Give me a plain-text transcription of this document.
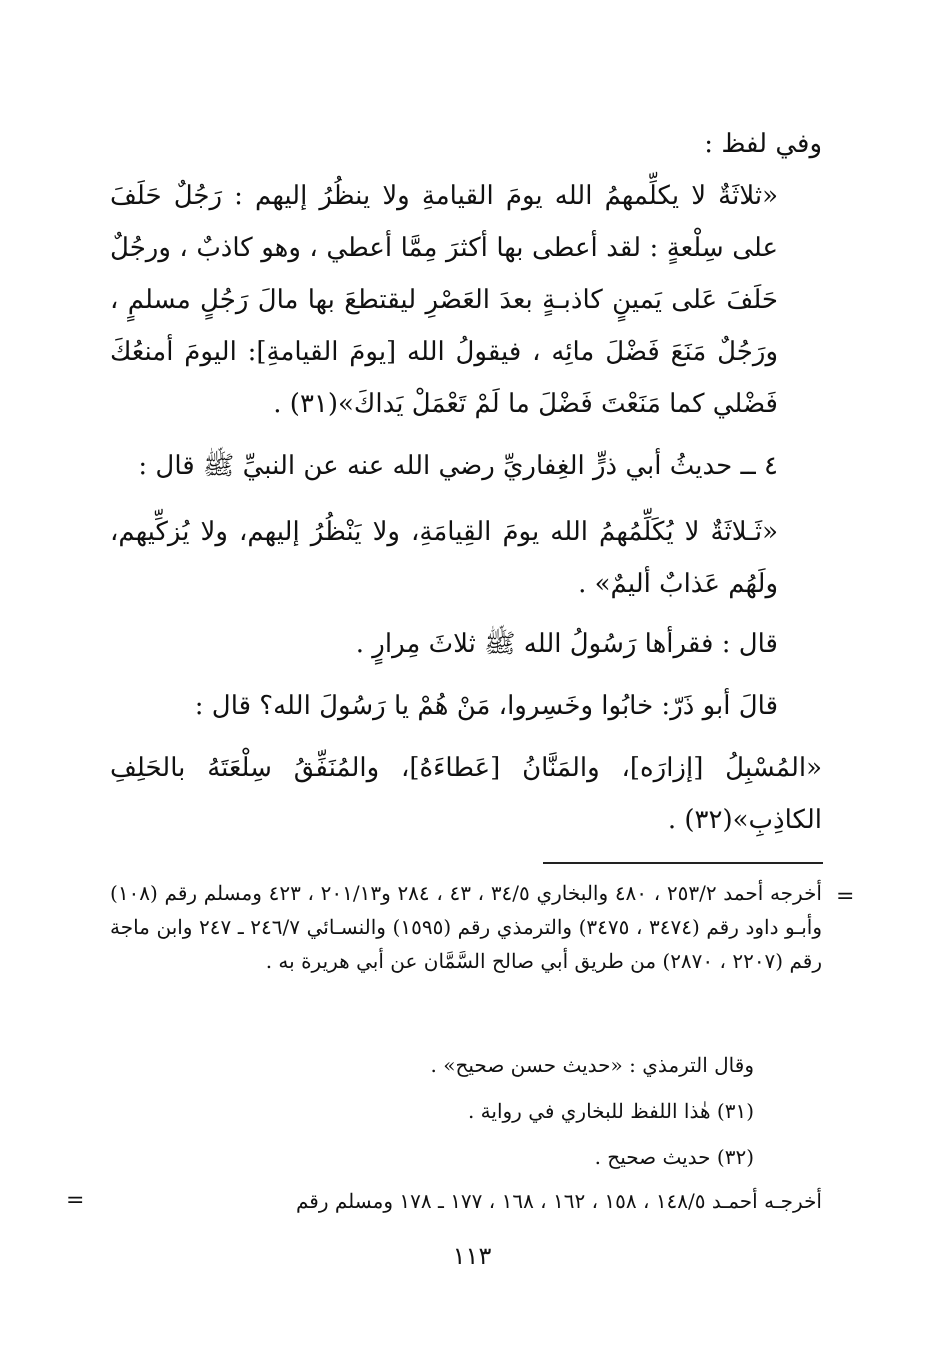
وفي لفظ :

«ثلاثَةٌ لا يكلِّمهمُ الله يومَ القيامةِ ولا ينظُرُ إليهم : رَجُلٌ حَلَفَ على سِلْعةٍ : لقد أعطى بها أكثرَ مِمَّا أعطي ، وهو كاذبٌ ، ورجُلٌ حَلَفَ عَلى يَمينٍ كاذبـةٍ بعدَ العَصْرِ ليقتطعَ بها مالَ رَجُلٍ مسلمٍ ، ورَجُلٌ مَنَعَ فَضْلَ مائِه ، فيقولُ الله [يومَ القيامةِ]: اليومَ أمنعُكَ فَضْلي كما مَنَعْتَ فَضْلَ ما لَمْ تَعْمَلْ يَداكَ»(٣١) .

٤ ــ حديثُ أبي ذرٍّ الغِفاريِّ رضي الله عنه عن النبيِّ ﷺ قال :

«ثَـلاثَةٌ لا يُكَلِّمُهمُ الله يومَ القِيامَةِ، ولا يَنْظُرُ إليهم، ولا يُزكِّيهم، ولَهُم عَذابٌ أليمٌ» .

قال : فقرأها رَسُولُ الله ﷺ ثلاثَ مِرارٍ .

قالَ أبو ذَرّ: خابُوا وخَسِروا، مَنْ هُمْ يا رَسُولَ الله؟ قال :

«المُسْبِلُ [إزارَه]، والمَنَّانُ [عَطاءَهُ]، والمُنَفِّقُ سِلْعَتَهُ بالحَلِفِ الكاذِبِ»(٣٢) .

=

أخرجه أحمد ٢٥٣/٢ ، ٤٨٠ والبخاري ٣٤/٥ ، ٤٣ ، ٢٨٤ و٢٠١/١٣ ، ٤٢٣ ومسلم رقم (١٠٨) وأبـو داود رقم (٣٤٧٤ ، ٣٤٧٥) والترمذي رقم (١٥٩٥) والنسـائي ٢٤٦/٧ ـ ٢٤٧ وابن ماجة رقم (٢٢٠٧ ، ٢٨٧٠) من طريق أبي صالح السَّمَّان عن أبي هريرة به .

وقال الترمذي : «حديث حسن صحيح» .

(٣١) هٰذا اللفظ للبخاري في رواية .

(٣٢) حديث صحيح .

أخرجـه أحمـد ١٤٨/٥ ، ١٥٨ ، ١٦٢ ، ١٦٨ ، ١٧٧ ـ ١٧٨ ومسلم رقم

=
١١٣
